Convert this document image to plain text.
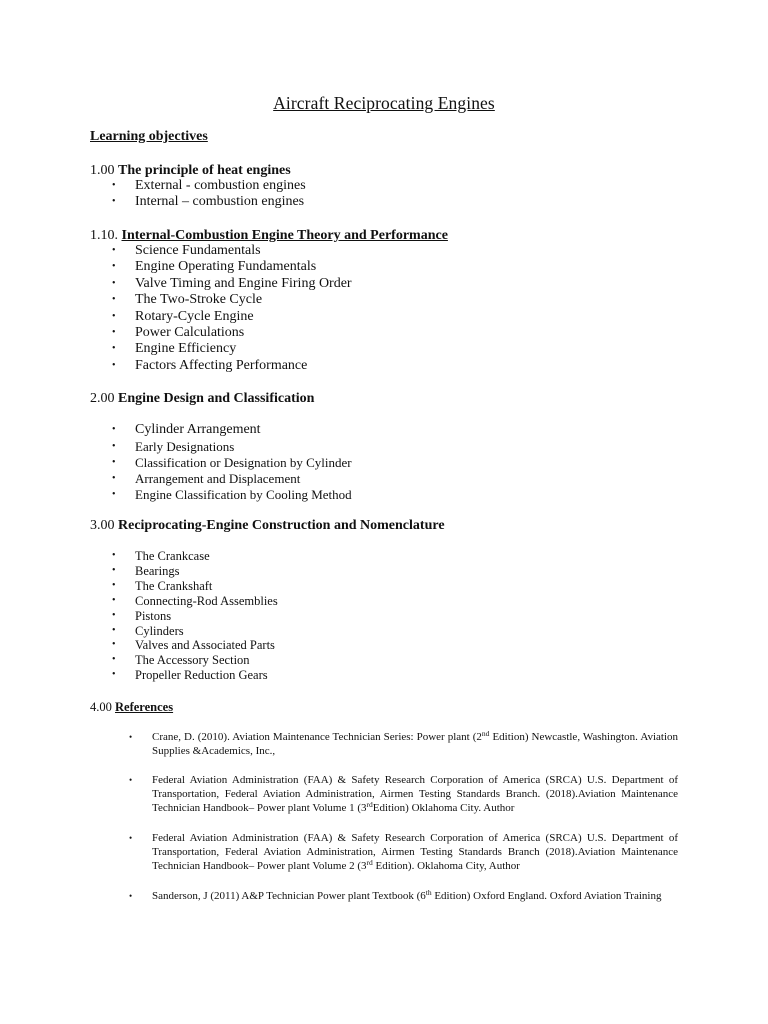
Aircraft Reciprocating Engines
Learning objectives
1.00 The principle of heat engines
• External - combustion engines
• Internal – combustion engines
1.10. Internal-Combustion Engine Theory and Performance
• Science Fundamentals
• Engine Operating Fundamentals
• Valve Timing and Engine Firing Order
• The Two-Stroke Cycle
• Rotary-Cycle Engine
• Power Calculations
• Engine Efficiency
• Factors Affecting Performance
2.00 Engine Design and Classification
• Cylinder Arrangement
• Early Designations
• Classification or Designation by Cylinder
• Arrangement and Displacement
• Engine Classification by Cooling Method
3.00 Reciprocating-Engine Construction and Nomenclature
• The Crankcase
• Bearings
• The Crankshaft
• Connecting-Rod Assemblies
• Pistons
• Cylinders
• Valves and Associated Parts
• The Accessory Section
• Propeller Reduction Gears
4.00 References
• Crane, D. (2010). Aviation Maintenance Technician Series: Power plant (2nd Edition) Newcastle, Washington. Aviation Supplies &Academics, Inc.,
• Federal Aviation Administration (FAA) & Safety Research Corporation of America (SRCA) U.S. Department of Transportation, Federal Aviation Administration, Airmen Testing Standards Branch. (2018).Aviation Maintenance Technician Handbook– Power plant Volume 1 (3rdEdition) Oklahoma City. Author
• Federal Aviation Administration (FAA) & Safety Research Corporation of America (SRCA) U.S. Department of Transportation, Federal Aviation Administration, Airmen Testing Standards Branch (2018).Aviation Maintenance Technician Handbook– Power plant Volume 2 (3rd Edition). Oklahoma City, Author
• Sanderson, J (2011) A&P Technician Power plant Textbook (6th Edition) Oxford England. Oxford Aviation Training
